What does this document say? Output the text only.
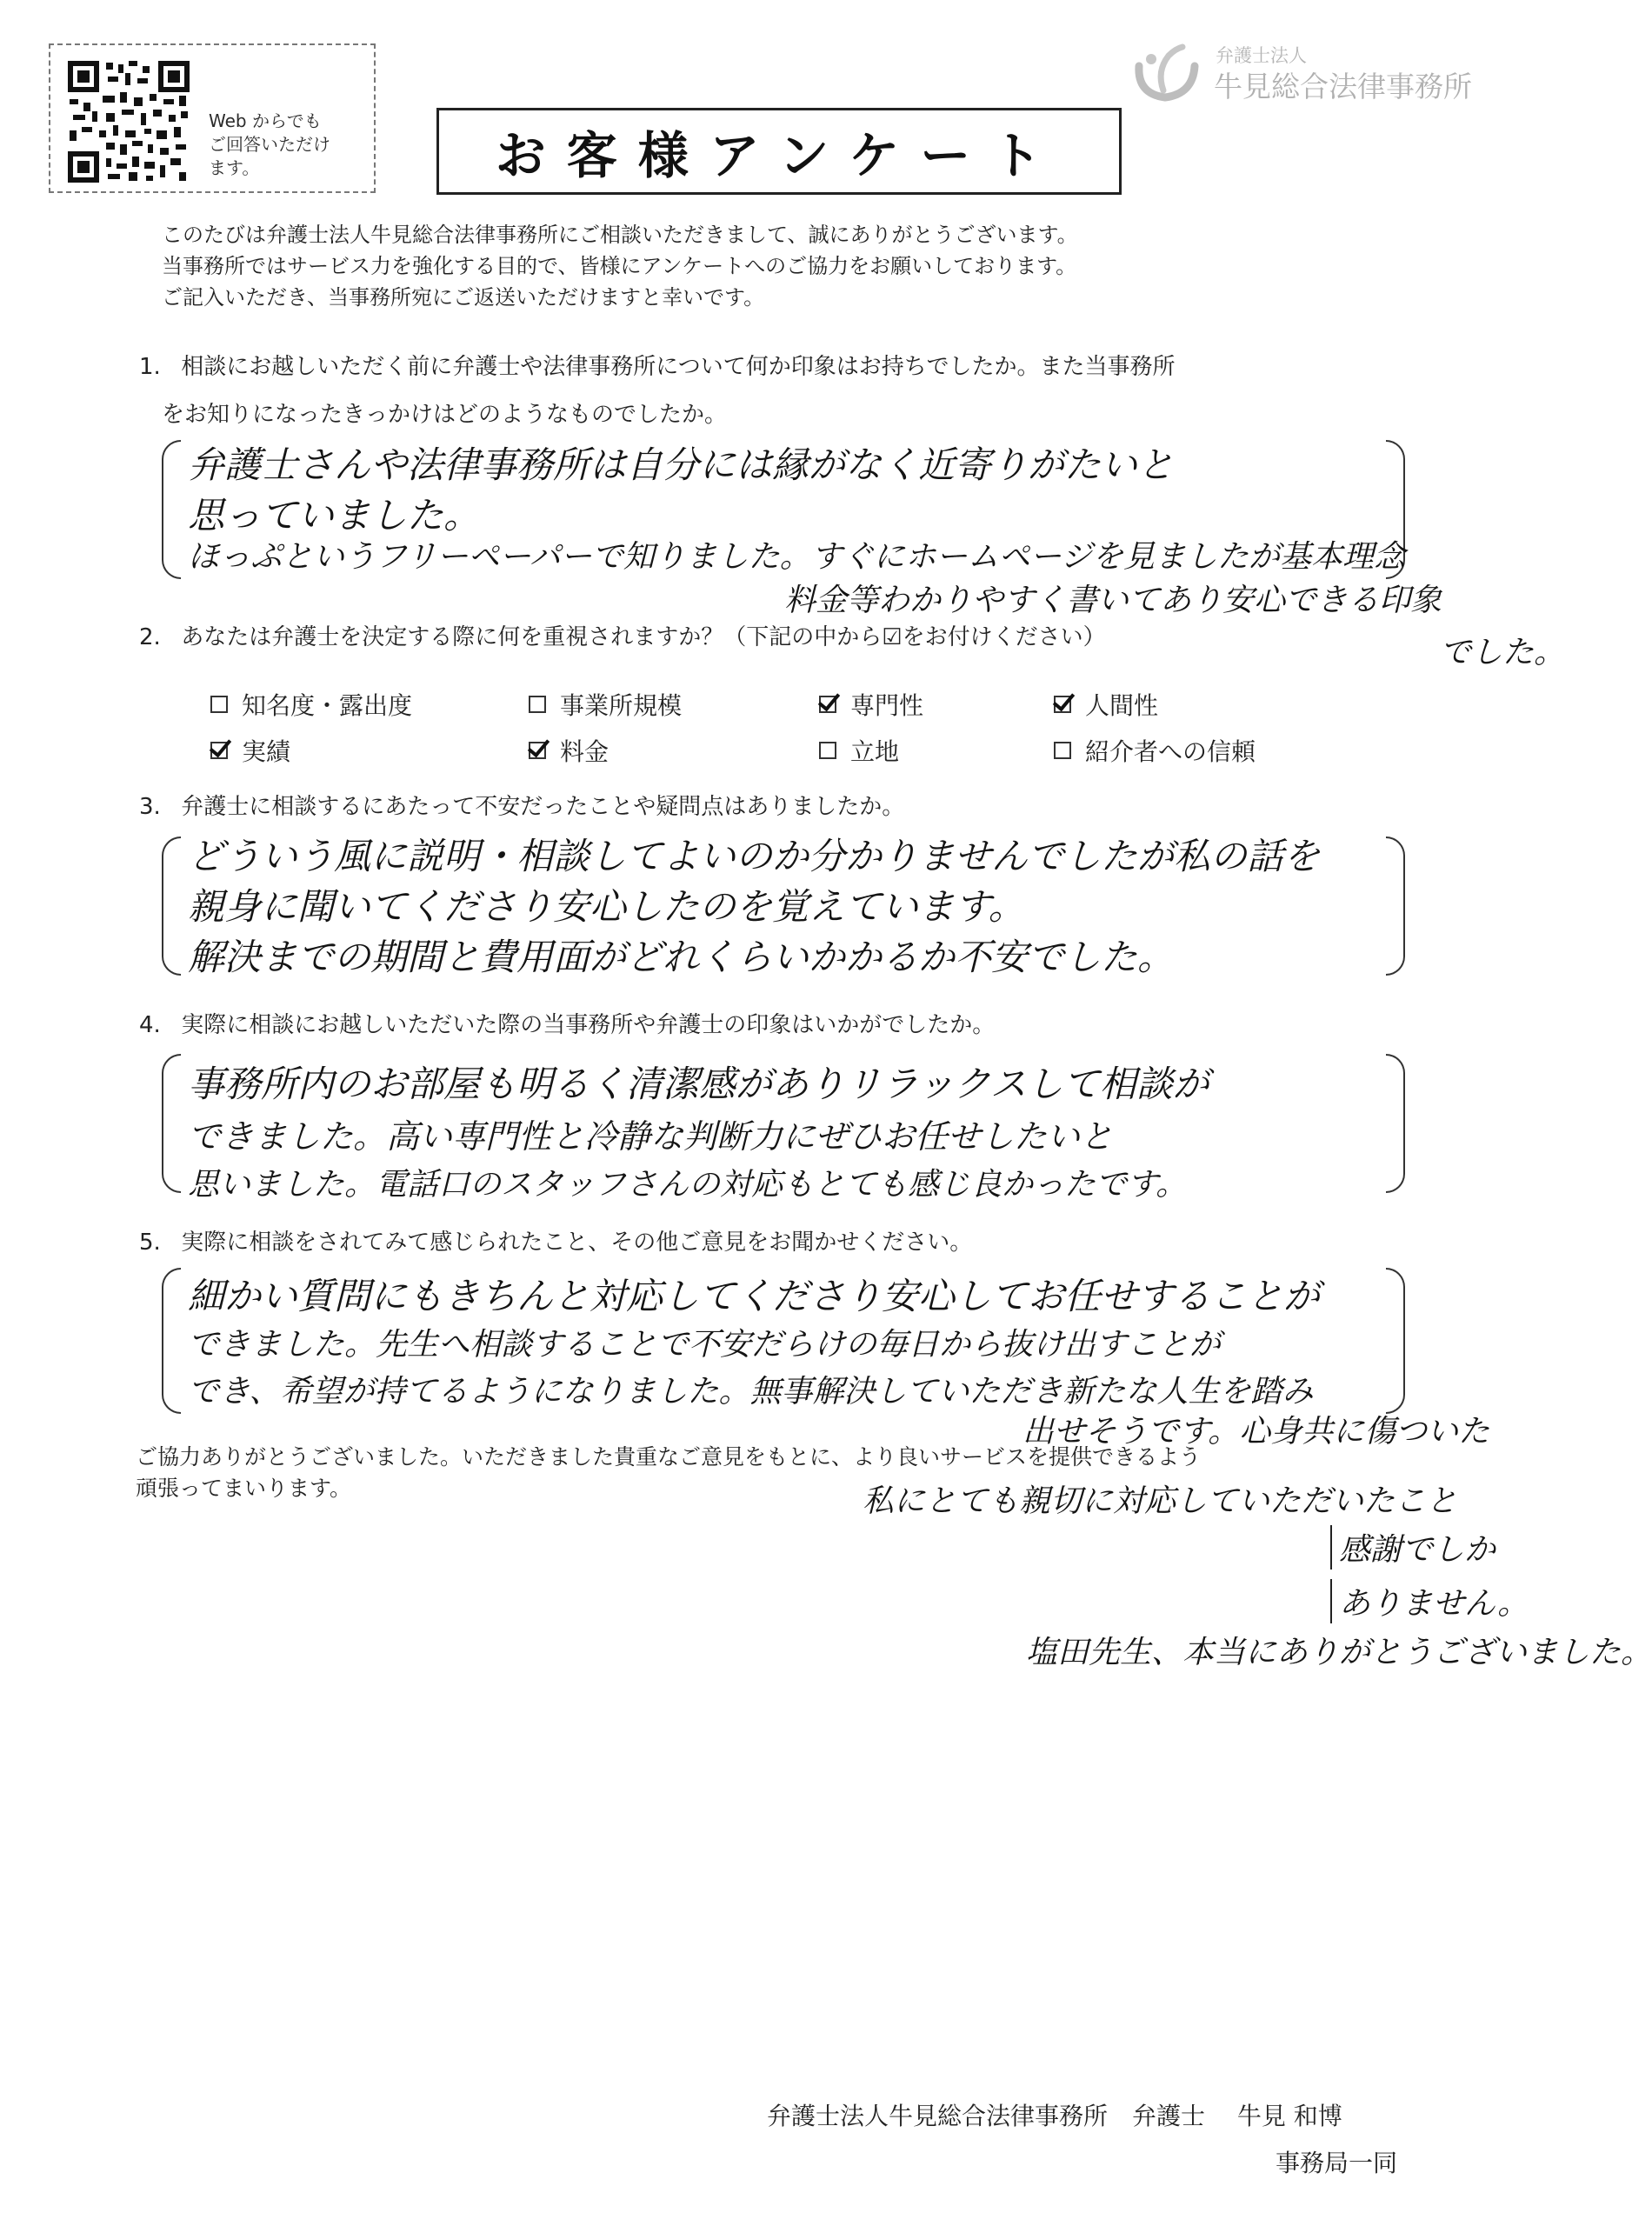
Web からでも
ご回答いただけ
ます。	お客様アンケート
弁護士法人
牛見総合法律事務所
このたびは弁護士法人牛見総合法律事務所にご相談いただきまして、誠にありがとうございます。
当事務所ではサービス力を強化する目的で、皆様にアンケートへのご協力をお願いしております。
ご記入いただき、当事務所宛にご返送いただけますと幸いです。
1. 相談にお越しいただく前に弁護士や法律事務所について何か印象はお持ちでしたか。また当事務所
をお知りになったきっかけはどのようなものでしたか。
弁護士さんや法律事務所は自分には縁がなく近寄りがたいと
思っていました。
ほっぷというフリーペーパーで知りました。すぐにホームページを見ましたが基本理念
料金等わかりやすく書いてあり安心できる印象
でした。
2. あなたは弁護士を決定する際に何を重視されますか？（下記の中から☑をお付けください）
知名度・露出度	事業所規模	専門性	人間性
実績	料金	立地	紹介者への信頼
3. 弁護士に相談するにあたって不安だったことや疑問点はありましたか。
どういう風に説明・相談してよいのか分かりませんでしたが私の話を
親身に聞いてくださり安心したのを覚えています。
解決までの期間と費用面がどれくらいかかるか不安でした。
4. 実際に相談にお越しいただいた際の当事務所や弁護士の印象はいかがでしたか。
事務所内のお部屋も明るく清潔感がありリラックスして相談が
できました。高い専門性と冷静な判断力にぜひお任せしたいと
思いました。電話口のスタッフさんの対応もとても感じ良かったです。
5. 実際に相談をされてみて感じられたこと、その他ご意見をお聞かせください。
細かい質問にもきちんと対応してくださり安心してお任せすることが
できました。先生へ相談することで不安だらけの毎日から抜け出すことが
でき、希望が持てるようになりました。無事解決していただき新たな人生を踏み
出せそうです。心身共に傷ついた
私にとても親切に対応していただいたこと
感謝でしか
ありません。
塩田先生、本当にありがとうございました。
ご協力ありがとうございました。いただきました貴重なご意見をもとに、より良いサービスを提供できるよう
頑張ってまいります。
弁護士法人牛見総合法律事務所　弁護士　 牛見 和博
事務局一同
